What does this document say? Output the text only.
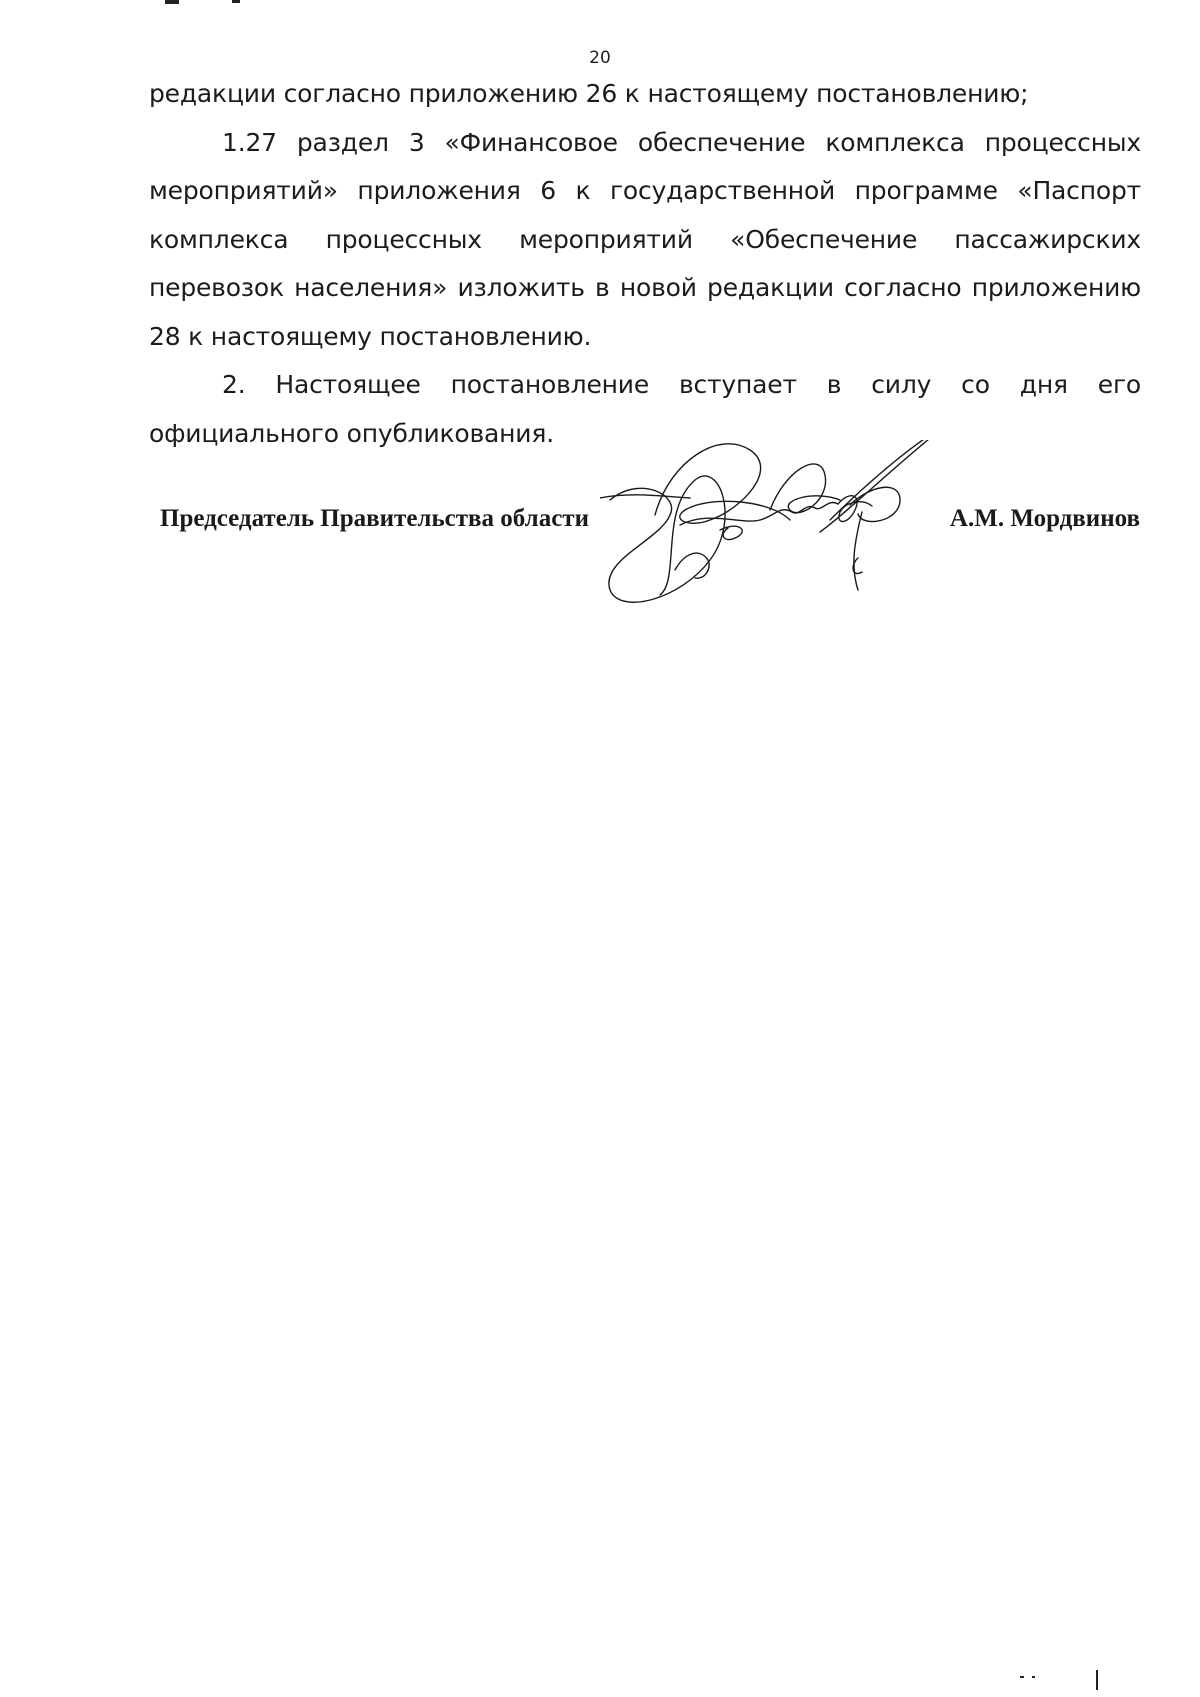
20

редакции согласно приложению 26 к настоящему постановлению;

1.27 раздел 3 «Финансовое обеспечение комплекса процессных мероприятий» приложения 6 к государственной программе «Паспорт комплекса процессных мероприятий «Обеспечение пассажирских перевозок населения» изложить в новой редакции согласно приложению 28 к настоящему постановлению.

2. Настоящее постановление вступает в силу со дня его официального опубликования.

Председатель Правительства области	А.М. Мордвинов
